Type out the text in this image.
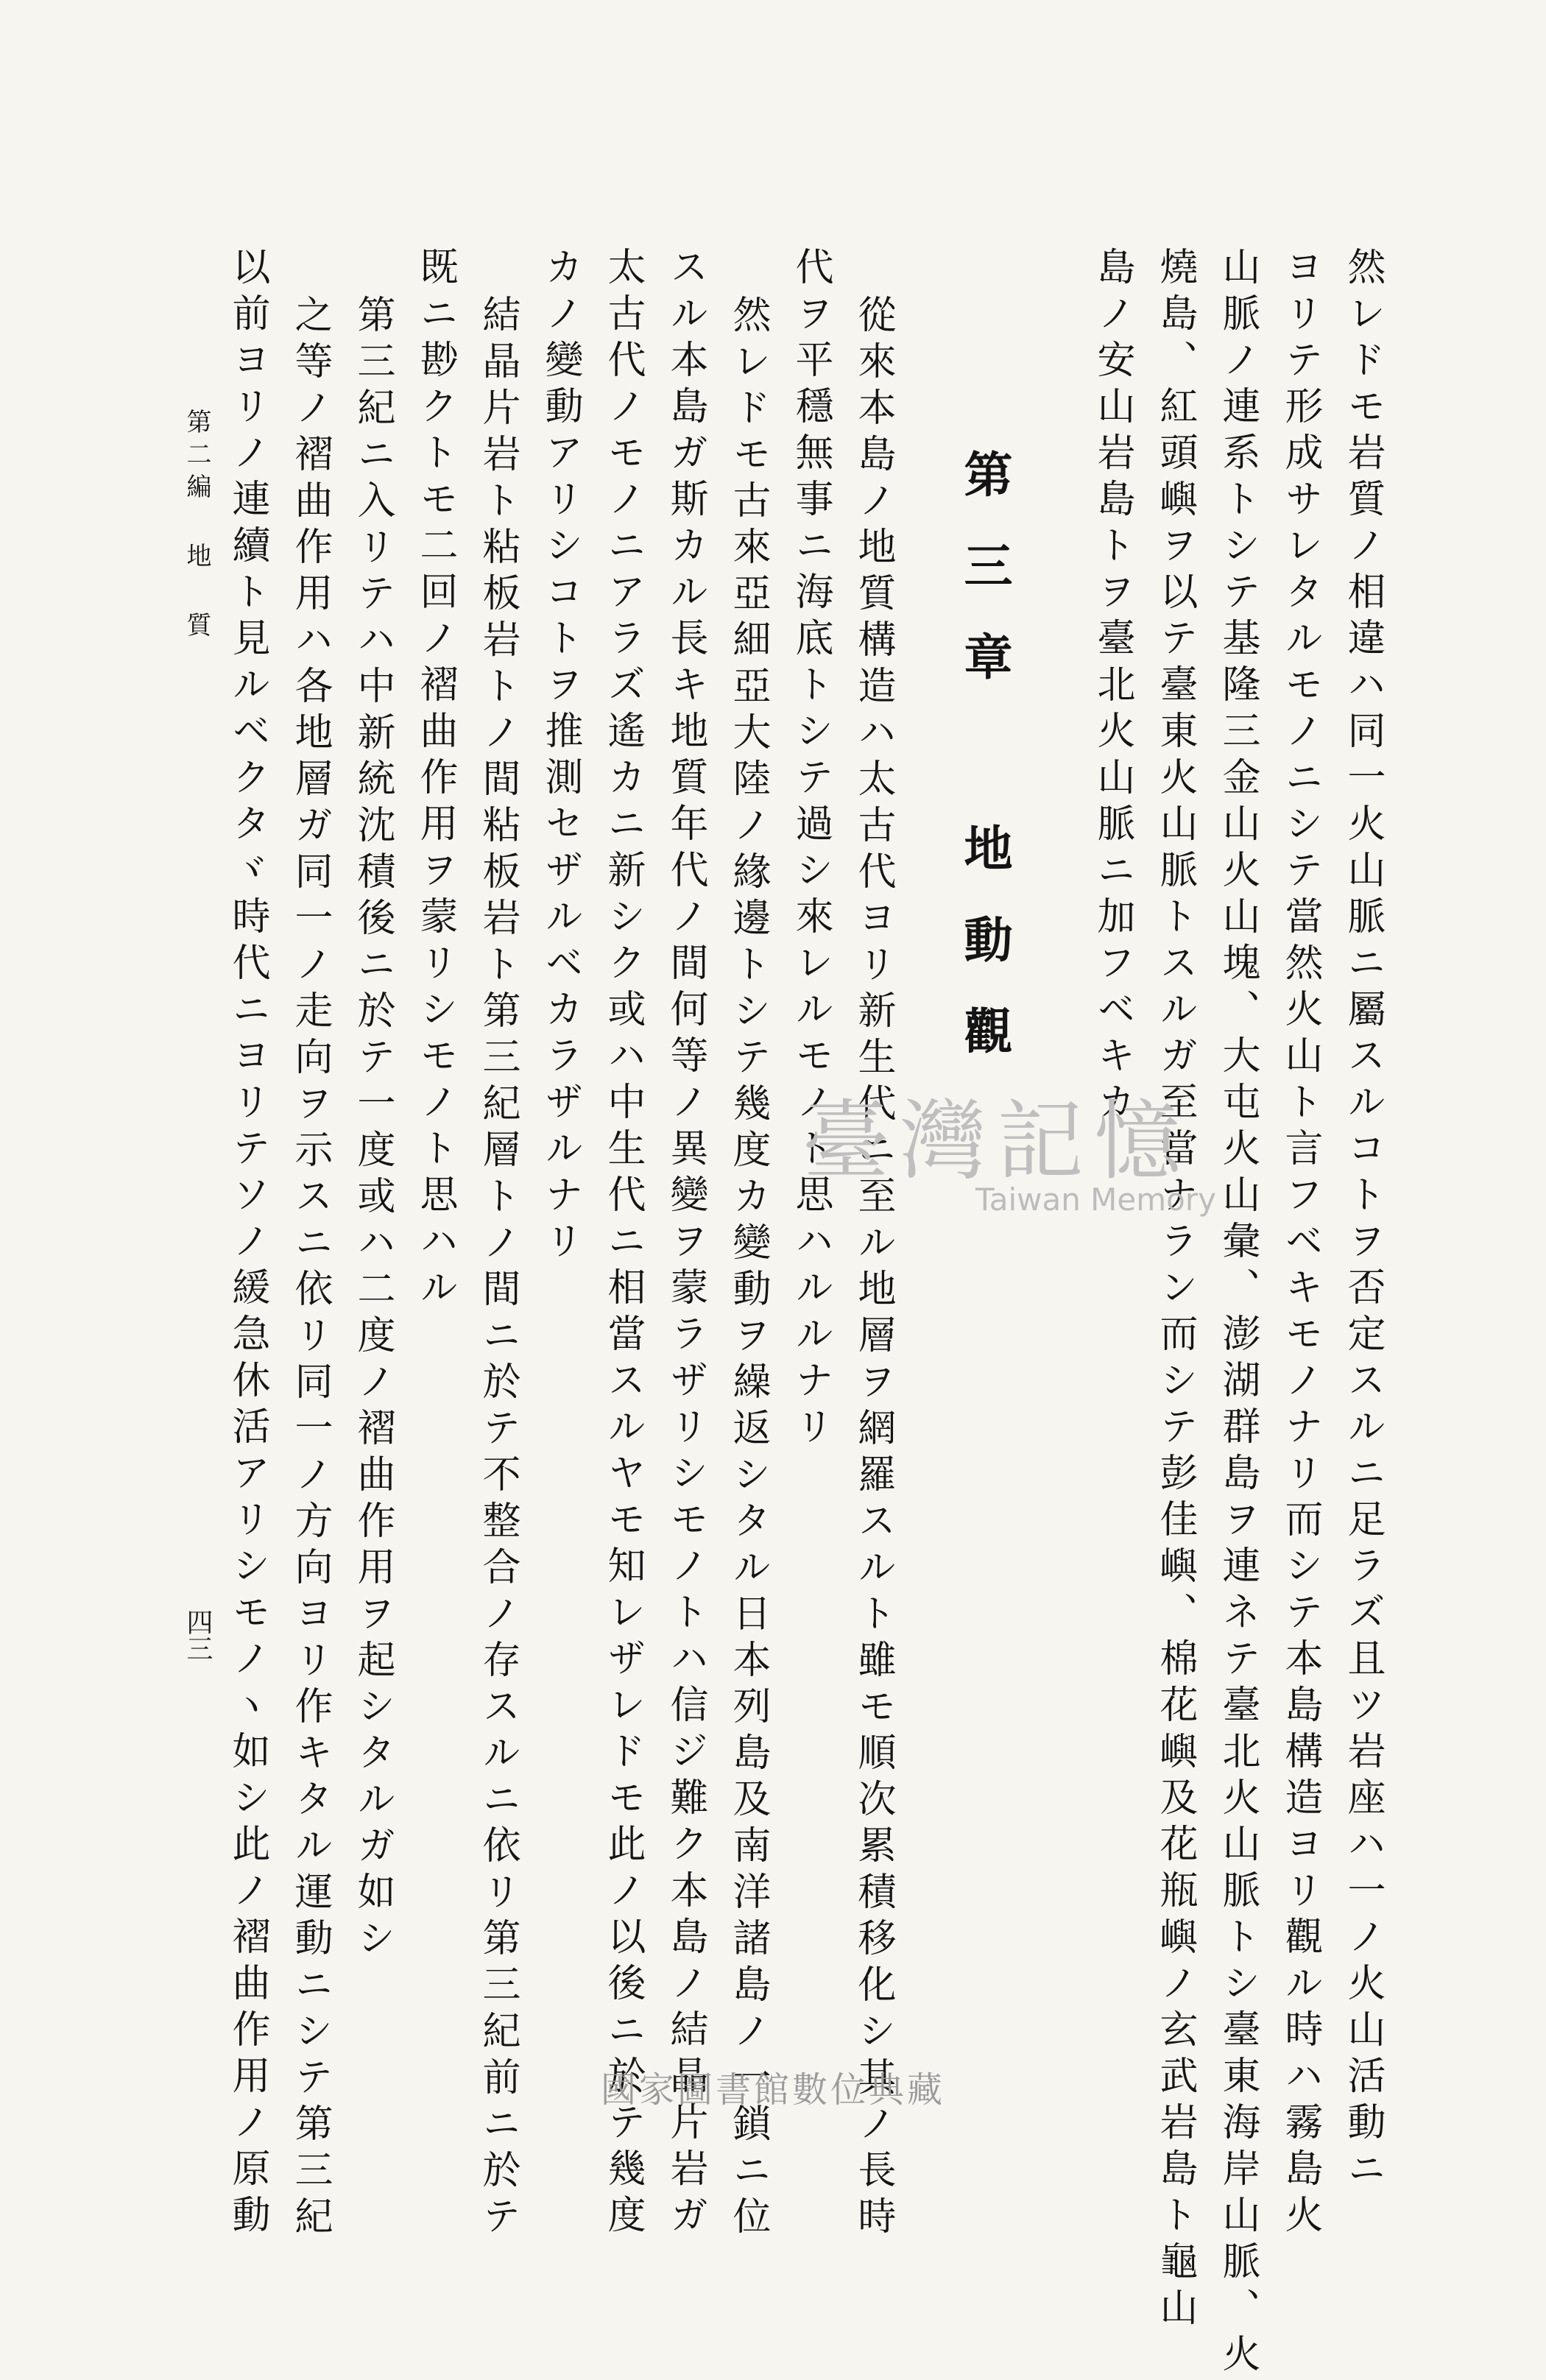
然レドモ岩質ノ相違ハ同一火山脈ニ屬スルコトヲ否定スルニ足ラズ且ツ岩座ハ一ノ火山活動ニ
ヨリテ形成サレタルモノニシテ當然火山ト言フベキモノナリ而シテ本島構造ヨリ觀ル時ハ霧島火
山脈ノ連系トシテ基隆三金山火山塊、大屯火山彙、澎湖群島ヲ連ネテ臺北火山脈トシ臺東海岸山脈、火
燒島、紅頭嶼ヲ以テ臺東火山脈トスルガ至當ナラン而シテ彭佳嶼、棉花嶼及花瓶嶼ノ玄武岩島ト龜山
島ノ安山岩島トヲ臺北火山脈ニ加フベキカ
第三章 地動觀
從來本島ノ地質構造ハ太古代ヨリ新生代ニ至ル地層ヲ網羅スルト雖モ順次累積移化シ其ノ長時
代ヲ平穩無事ニ海底トシテ過シ來レルモノト思ハルルナリ
然レドモ古來亞細亞大陸ノ緣邊トシテ幾度カ變動ヲ繰返シタル日本列島及南洋諸島ノ一鎖ニ位
スル本島ガ斯カル長キ地質年代ノ間何等ノ異變ヲ蒙ラザリシモノトハ信ジ難ク本島ノ結晶片岩ガ
太古代ノモノニアラズ遙カニ新シク或ハ中生代ニ相當スルヤモ知レザレドモ此ノ以後ニ於テ幾度
カノ變動アリシコトヲ推測セザルベカラザルナリ
結晶片岩ト粘板岩トノ間粘板岩ト第三紀層トノ間ニ於テ不整合ノ存スルニ依リ第三紀前ニ於テ
既ニ尠クトモ二回ノ褶曲作用ヲ蒙リシモノト思ハル
第三紀ニ入リテハ中新統沈積後ニ於テ一度或ハ二度ノ褶曲作用ヲ起シタルガ如シ
之等ノ褶曲作用ハ各地層ガ同一ノ走向ヲ示スニ依リ同一ノ方向ヨリ作キタル運動ニシテ第三紀
以前ヨリノ連續ト見ルベクタヾ時代ニヨリテソノ緩急休活アリシモノヽ如シ此ノ褶曲作用ノ原動
第二編 地 質
四三
臺灣記憶
Taiwan Memory
國家圖書館數位典藏
